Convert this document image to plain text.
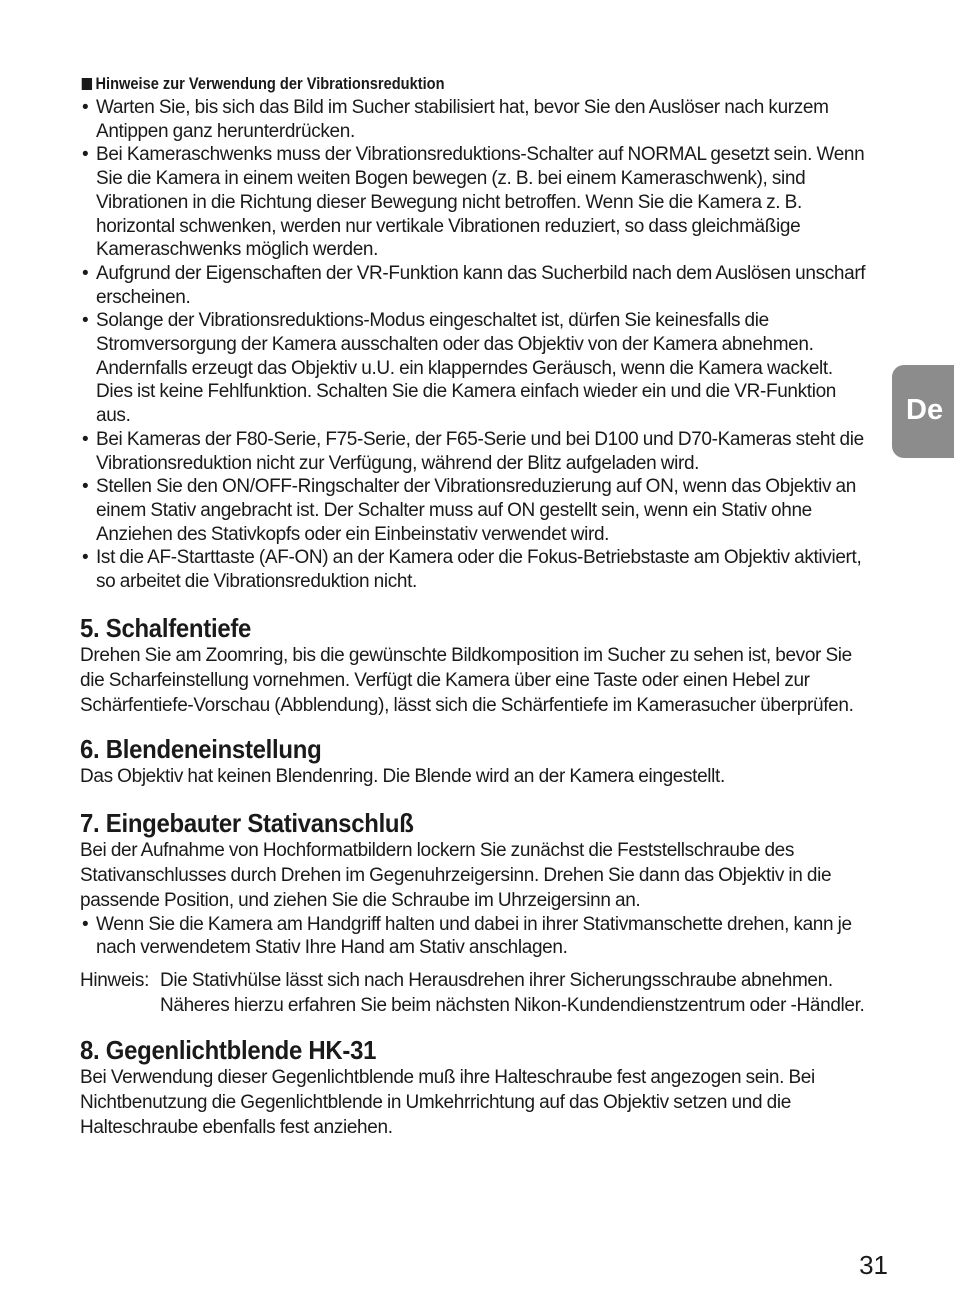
Hinweise zur Verwendung der Vibrationsreduktion
• Warten Sie, bis sich das Bild im Sucher stabilisiert hat, bevor Sie den Auslöser nach kurzem Antippen ganz herunterdrücken.
• Bei Kameraschwenks muss der Vibrationsreduktions-Schalter auf NORMAL gesetzt sein. Wenn Sie die Kamera in einem weiten Bogen bewegen (z. B. bei einem Kameraschwenk), sind Vibrationen in die Richtung dieser Bewegung nicht betroffen. Wenn Sie die Kamera z. B. horizontal schwenken, werden nur vertikale Vibrationen reduziert, so dass gleichmäßige Kameraschwenks möglich werden.
• Aufgrund der Eigenschaften der VR-Funktion kann das Sucherbild nach dem Auslösen unscharf erscheinen.
• Solange der Vibrationsreduktions-Modus eingeschaltet ist, dürfen Sie keinesfalls die Stromversorgung der Kamera ausschalten oder das Objektiv von der Kamera abnehmen. Andernfalls erzeugt das Objektiv u.U. ein klapperndes Geräusch, wenn die Kamera wackelt. Dies ist keine Fehlfunktion. Schalten Sie die Kamera einfach wieder ein und die VR-Funktion aus.
• Bei Kameras der F80-Serie, F75-Serie, der F65-Serie und bei D100 und D70-Kameras steht die Vibrationsreduktion nicht zur Verfügung, während der Blitz aufgeladen wird.
• Stellen Sie den ON/OFF-Ringschalter der Vibrationsreduzierung auf ON, wenn das Objektiv an einem Stativ angebracht ist. Der Schalter muss auf ON gestellt sein, wenn ein Stativ ohne Anziehen des Stativkopfs oder ein Einbeinstativ verwendet wird.
• Ist die AF-Starttaste (AF-ON) an der Kamera oder die Fokus-Betriebstaste am Objektiv aktiviert, so arbeitet die Vibrationsreduktion nicht.
5. Schalfentiefe

Drehen Sie am Zoomring, bis die gewünschte Bildkomposition im Sucher zu sehen ist, bevor Sie die Scharfeinstellung vornehmen. Verfügt die Kamera über eine Taste oder einen Hebel zur Schärfentiefe-Vorschau (Abblendung), lässt sich die Schärfentiefe im Kamerasucher überprüfen.

6. Blendeneinstellung

Das Objektiv hat keinen Blendenring. Die Blende wird an der Kamera eingestellt.

7. Eingebauter Stativanschluß

Bei der Aufnahme von Hochformatbildern lockern Sie zunächst die Feststellschraube des Stativanschlusses durch Drehen im Gegenuhrzeigersinn. Drehen Sie dann das Objektiv in die passende Position, und ziehen Sie die Schraube im Uhrzeigersinn an.

• Wenn Sie die Kamera am Handgriff halten und dabei in ihrer Stativmanschette drehen, kann je nach verwendetem Stativ Ihre Hand am Stativ anschlagen.
Hinweis: Die Stativhülse lässt sich nach Herausdrehen ihrer Sicherungsschraube abnehmen. Näheres hierzu erfahren Sie beim nächsten Nikon-Kundendienstzentrum oder -Händler.
8. Gegenlichtblende HK-31

Bei Verwendung dieser Gegenlichtblende muß ihre Halteschraube fest angezogen sein. Bei Nichtbenutzung die Gegenlichtblende in Umkehrrichtung auf das Objektiv setzen und die Halteschraube ebenfalls fest anziehen.

De
31
